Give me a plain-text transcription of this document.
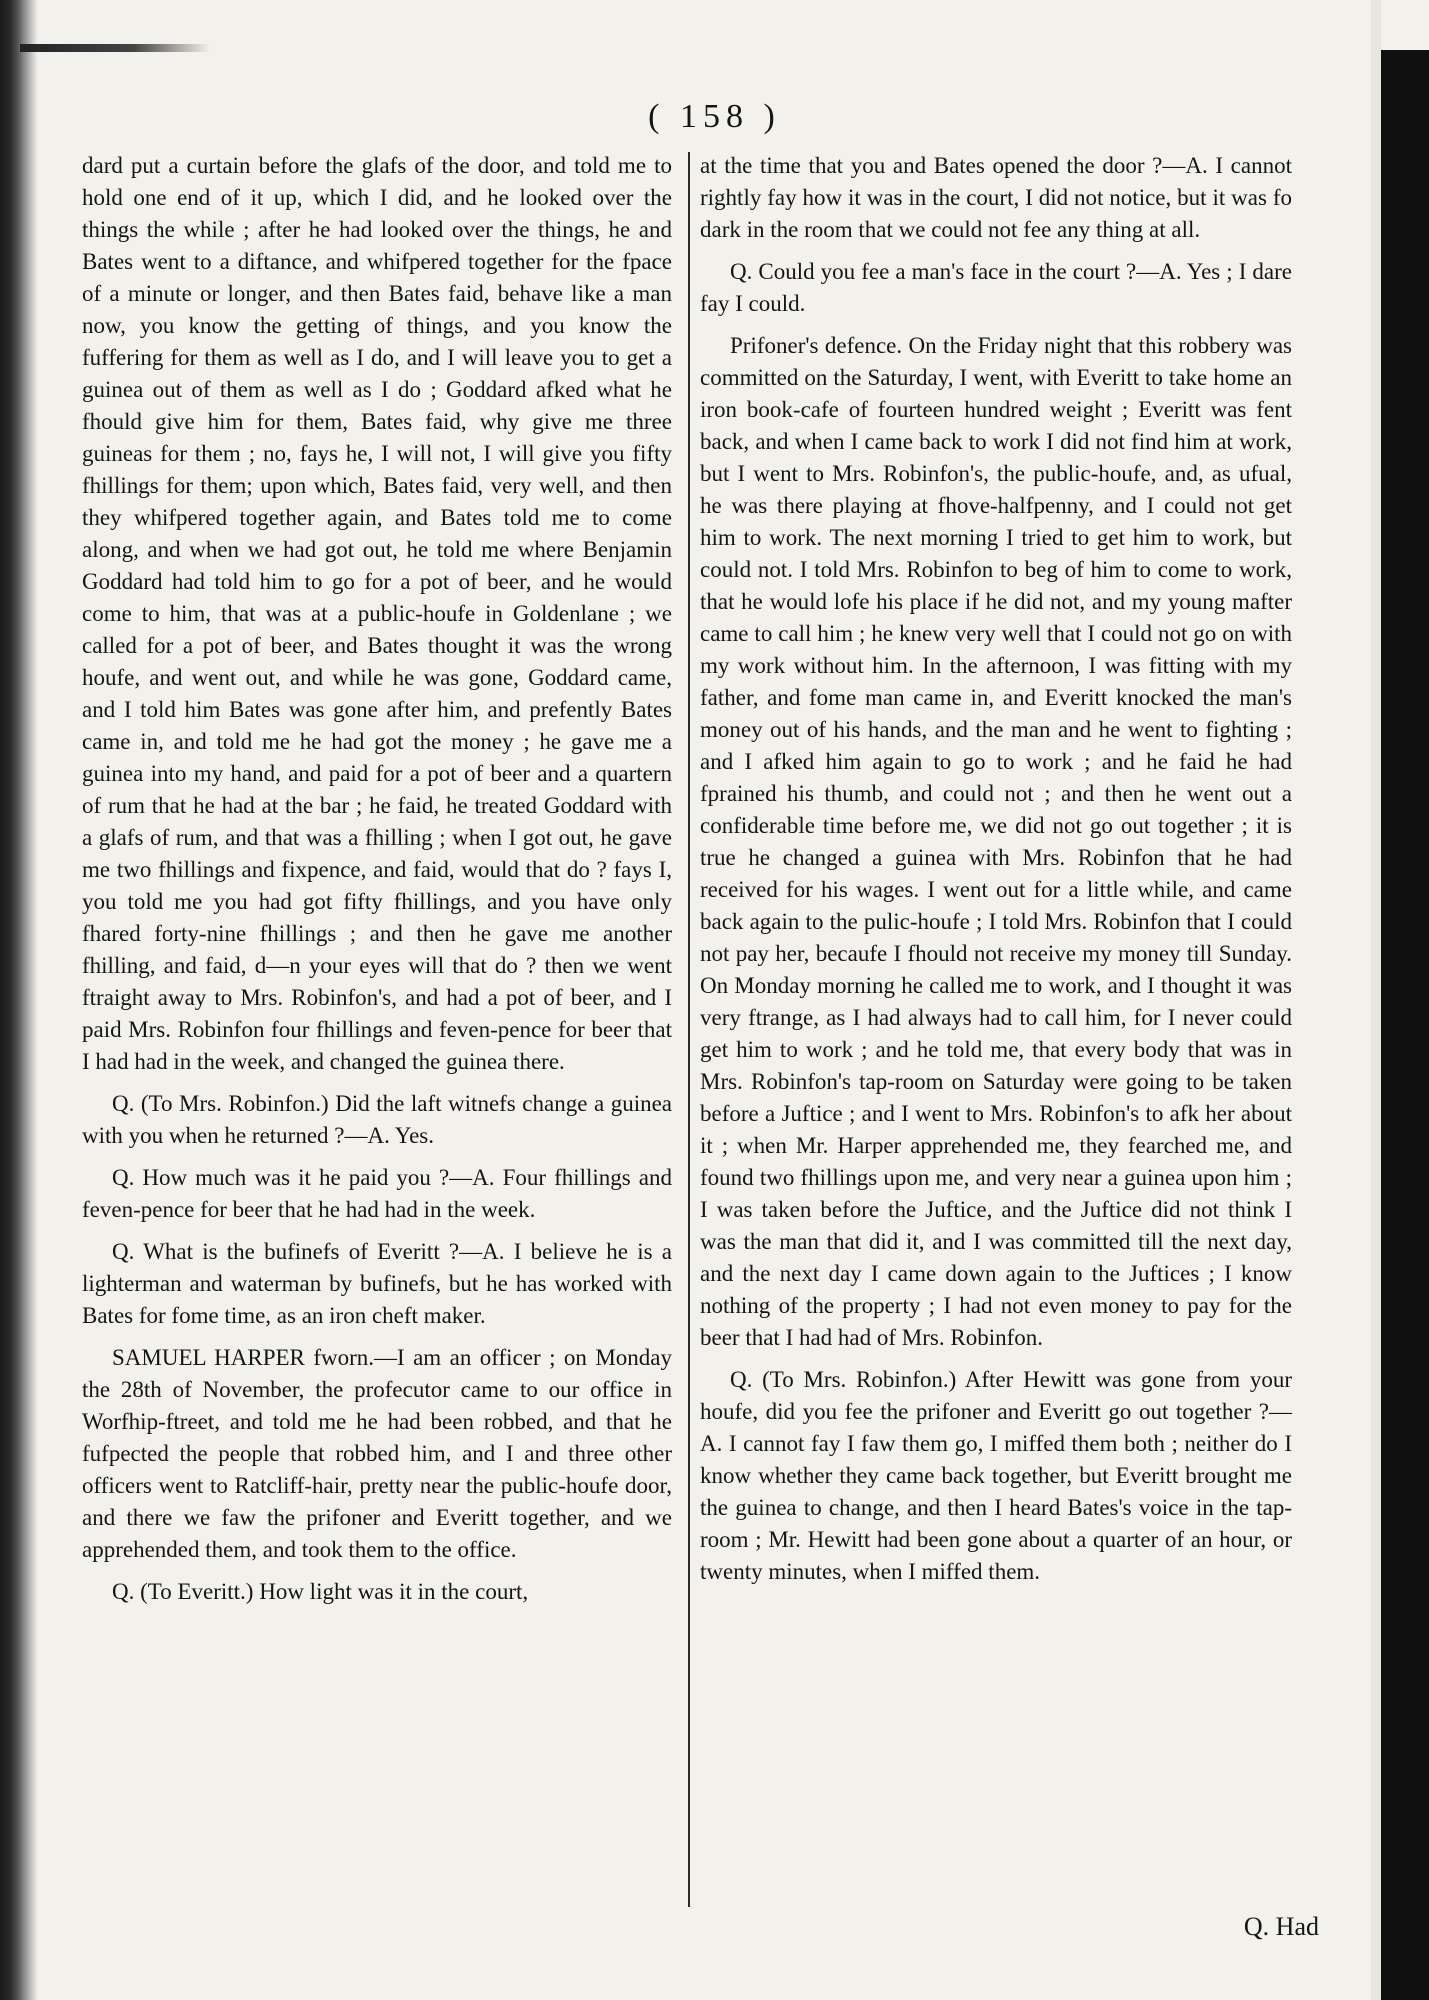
( 158 )

dard put a curtain before the glafs of the door, and told me to hold one end of it up, which I did, and he looked over the things the while ; after he had looked over the things, he and Bates went to a diftance, and whifpered together for the fpace of a minute or longer, and then Bates faid, behave like a man now, you know the getting of things, and you know the fuffering for them as well as I do, and I will leave you to get a guinea out of them as well as I do ; Goddard afked what he fhould give him for them, Bates faid, why give me three guineas for them ; no, fays he, I will not, I will give you fifty fhillings for them; upon which, Bates faid, very well, and then they whifpered together again, and Bates told me to come along, and when we had got out, he told me where Benjamin Goddard had told him to go for a pot of beer, and he would come to him, that was at a public-houfe in Goldenlane ; we called for a pot of beer, and Bates thought it was the wrong houfe, and went out, and while he was gone, Goddard came, and I told him Bates was gone after him, and prefently Bates came in, and told me he had got the money ; he gave me a guinea into my hand, and paid for a pot of beer and a quartern of rum that he had at the bar ; he faid, he treated Goddard with a glafs of rum, and that was a fhilling ; when I got out, he gave me two fhillings and fixpence, and faid, would that do ? fays I, you told me you had got fifty fhillings, and you have only fhared forty-nine fhillings ; and then he gave me another fhilling, and faid, d—n your eyes will that do ? then we went ftraight away to Mrs. Robinfon's, and had a pot of beer, and I paid Mrs. Robinfon four fhillings and feven-pence for beer that I had had in the week, and changed the guinea there.

Q. (To Mrs. Robinfon.) Did the laft witnefs change a guinea with you when he returned ?—A. Yes.

Q. How much was it he paid you ?—A. Four fhillings and feven-pence for beer that he had had in the week.

Q. What is the bufinefs of Everitt ?—A. I believe he is a lighterman and waterman by bufinefs, but he has worked with Bates for fome time, as an iron cheft maker.

SAMUEL HARPER fworn.—I am an officer ; on Monday the 28th of November, the profecutor came to our office in Worfhip-ftreet, and told me he had been robbed, and that he fufpected the people that robbed him, and I and three other officers went to Ratcliff-hair, pretty near the public-houfe door, and there we faw the prifoner and Everitt together, and we apprehended them, and took them to the office.

Q. (To Everitt.) How light was it in the court,

at the time that you and Bates opened the door ?—A. I cannot rightly fay how it was in the court, I did not notice, but it was fo dark in the room that we could not fee any thing at all.

Q. Could you fee a man's face in the court ?—A. Yes ; I dare fay I could.

Prifoner's defence. On the Friday night that this robbery was committed on the Saturday, I went, with Everitt to take home an iron book-cafe of fourteen hundred weight ; Everitt was fent back, and when I came back to work I did not find him at work, but I went to Mrs. Robinfon's, the public-houfe, and, as ufual, he was there playing at fhove-halfpenny, and I could not get him to work. The next morning I tried to get him to work, but could not. I told Mrs. Robinfon to beg of him to come to work, that he would lofe his place if he did not, and my young mafter came to call him ; he knew very well that I could not go on with my work without him. In the afternoon, I was fitting with my father, and fome man came in, and Everitt knocked the man's money out of his hands, and the man and he went to fighting ; and I afked him again to go to work ; and he faid he had fprained his thumb, and could not ; and then he went out a confiderable time before me, we did not go out together ; it is true he changed a guinea with Mrs. Robinfon that he had received for his wages. I went out for a little while, and came back again to the pulic-houfe ; I told Mrs. Robinfon that I could not pay her, becaufe I fhould not receive my money till Sunday. On Monday morning he called me to work, and I thought it was very ftrange, as I had always had to call him, for I never could get him to work ; and he told me, that every body that was in Mrs. Robinfon's tap-room on Saturday were going to be taken before a Juftice ; and I went to Mrs. Robinfon's to afk her about it ; when Mr. Harper apprehended me, they fearched me, and found two fhillings upon me, and very near a guinea upon him ; I was taken before the Juftice, and the Juftice did not think I was the man that did it, and I was committed till the next day, and the next day I came down again to the Juftices ; I know nothing of the property ; I had not even money to pay for the beer that I had had of Mrs. Robinfon.

Q. (To Mrs. Robinfon.) After Hewitt was gone from your houfe, did you fee the prifoner and Everitt go out together ?—A. I cannot fay I faw them go, I miffed them both ; neither do I know whether they came back together, but Everitt brought me the guinea to change, and then I heard Bates's voice in the tap-room ; Mr. Hewitt had been gone about a quarter of an hour, or twenty minutes, when I miffed them.

Q. Had
